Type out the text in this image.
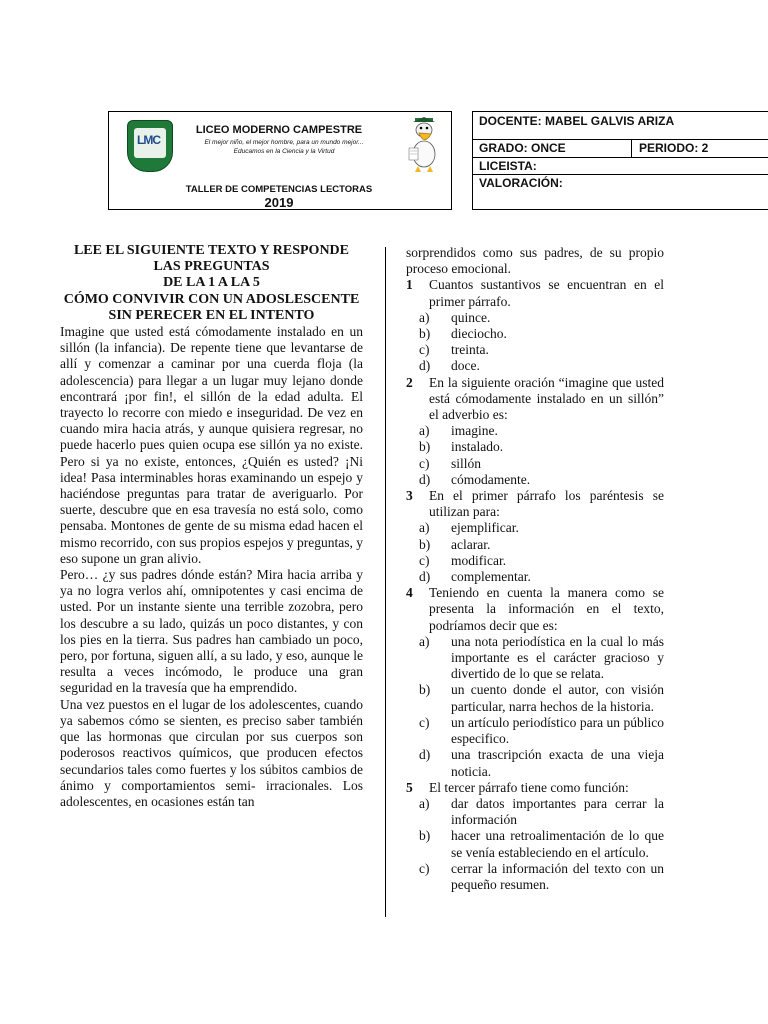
LMC
LICEO MODERNO CAMPESTRE
El mejor niño, el mejor hombre, para un mundo mejor...
Educamos en la Ciencia y la Virtud
TALLER DE COMPETENCIAS LECTORAS
2019
DOCENTE: MABEL GALVIS ARIZA
GRADO: ONCE	PERIODO: 2
LICEISTA:
VALORACIÓN:
LEE EL SIGUIENTE TEXTO Y RESPONDE
LAS PREGUNTAS
DE LA 1 A LA 5
CÓMO CONVIVIR CON UN ADOSLESCENTE
SIN PERECER EN EL INTENTO
Imagine que usted está cómodamente instalado en un sillón (la infancia). De repente tiene que levantarse de allí y comenzar a caminar por una cuerda floja (la adolescencia) para llegar a un lugar muy lejano donde encontrará ¡por fin!, el sillón de la edad adulta. El trayecto lo recorre con miedo e inseguridad. De vez en cuando mira hacia atrás, y aunque quisiera regresar, no puede hacerlo pues quien ocupa ese sillón ya no existe. Pero si ya no existe, entonces, ¿Quién es usted? ¡Ni idea! Pasa interminables horas examinando un espejo y haciéndose preguntas para tratar de averiguarlo. Por suerte, descubre que en esa travesía no está solo, como pensaba. Montones de gente de su misma edad hacen el mismo recorrido, con sus propios espejos y preguntas, y eso supone un gran alivio.
Pero… ¿y sus padres dónde están? Mira hacia arriba y ya no logra verlos ahí, omnipotentes y casi encima de usted. Por un instante siente una terrible zozobra, pero los descubre a su lado, quizás un poco distantes, y con los pies en la tierra. Sus padres han cambiado un poco, pero, por fortuna, siguen allí, a su lado, y eso, aunque le resulta a veces incómodo, le produce una gran seguridad en la travesía que ha emprendido.
Una vez puestos en el lugar de los adolescentes, cuando ya sabemos cómo se sienten, es preciso saber también que las hormonas que circulan por sus cuerpos son poderosos reactivos químicos, que producen efectos secundarios tales como fuertes y los súbitos cambios de ánimo y comportamientos semi- irracionales. Los adolescentes, en ocasiones están tan
sorprendidos como sus padres, de su propio proceso emocional.
1 Cuantos sustantivos se encuentran en el primer párrafo.
a) quince.
b) dieciocho.
c) treinta.
d) doce.
2 En la siguiente oración “imagine que usted está cómodamente instalado en un sillón” el adverbio es:
a) imagine.
b) instalado.
c) sillón
d) cómodamente.
3 En el primer párrafo los paréntesis se utilizan para:
a) ejemplificar.
b) aclarar.
c) modificar.
d) complementar.
4 Teniendo en cuenta la manera como se presenta la información en el texto, podríamos decir que es:
a) una nota periodística en la cual lo más importante es el carácter gracioso y divertido de lo que se relata.
b) un cuento donde el autor, con visión particular, narra hechos de la historia.
c) un artículo periodístico para un público especifico.
d) una trascripción exacta de una vieja noticia.
5 El tercer párrafo tiene como función:
a) dar datos importantes para cerrar la información
b) hacer una retroalimentación de lo que se venía estableciendo en el artículo.
c) cerrar la información del texto con un pequeño resumen.
